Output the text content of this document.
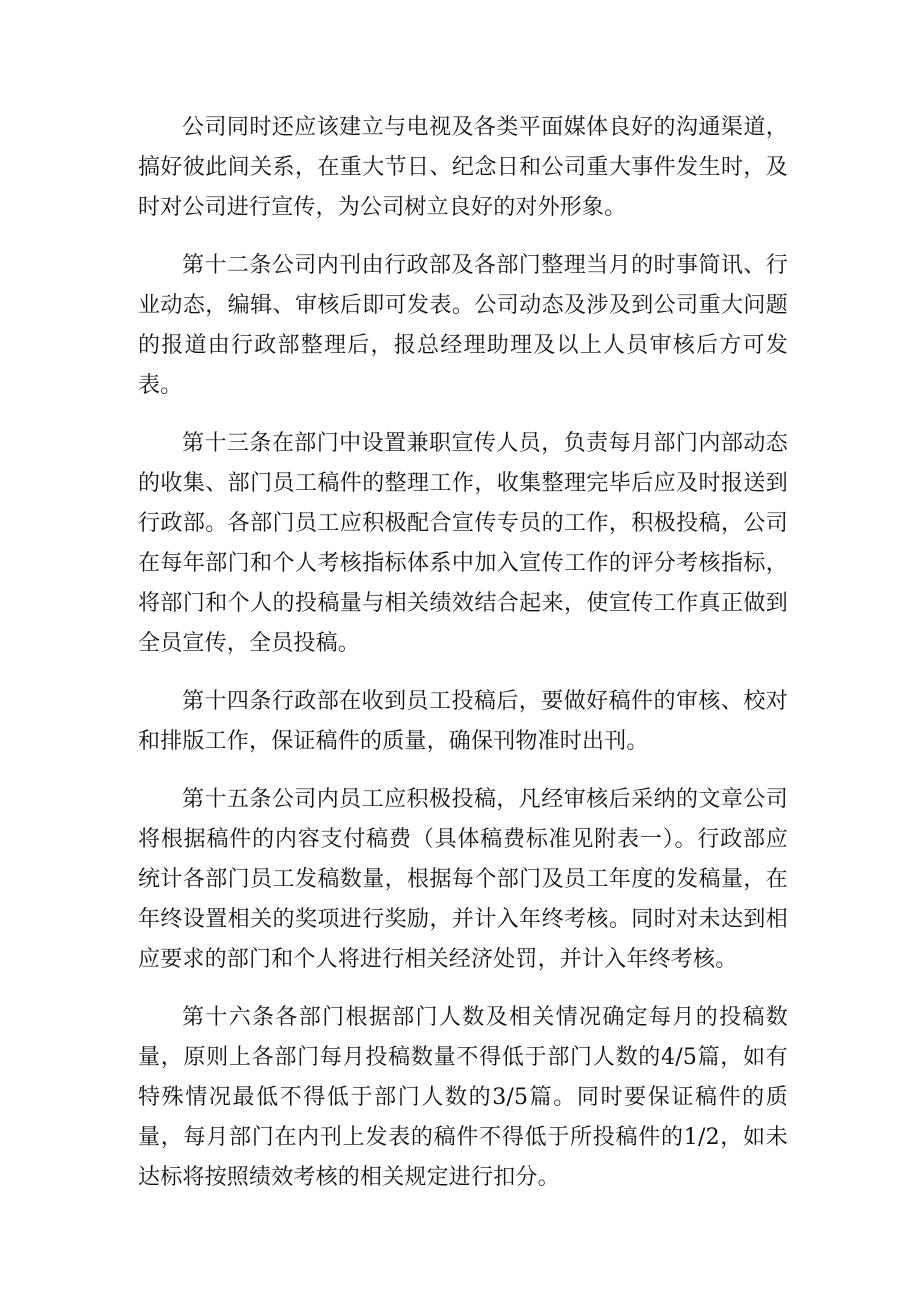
公司同时还应该建立与电视及各类平面媒体良好的沟通渠道，搞好彼此间关系，在重大节日、纪念日和公司重大事件发生时，及时对公司进行宣传，为公司树立良好的对外形象。

第十二条公司内刊由行政部及各部门整理当月的时事简讯、行业动态，编辑、审核后即可发表。公司动态及涉及到公司重大问题的报道由行政部整理后，报总经理助理及以上人员审核后方可发表。

第十三条在部门中设置兼职宣传人员，负责每月部门内部动态的收集、部门员工稿件的整理工作，收集整理完毕后应及时报送到行政部。各部门员工应积极配合宣传专员的工作，积极投稿，公司在每年部门和个人考核指标体系中加入宣传工作的评分考核指标，将部门和个人的投稿量与相关绩效结合起来，使宣传工作真正做到全员宣传，全员投稿。

第十四条行政部在收到员工投稿后，要做好稿件的审核、校对和排版工作，保证稿件的质量，确保刊物准时出刊。

第十五条公司内员工应积极投稿，凡经审核后采纳的文章公司将根据稿件的内容支付稿费（具体稿费标准见附表一）。行政部应统计各部门员工发稿数量，根据每个部门及员工年度的发稿量，在年终设置相关的奖项进行奖励，并计入年终考核。同时对未达到相应要求的部门和个人将进行相关经济处罚，并计入年终考核。

第十六条各部门根据部门人数及相关情况确定每月的投稿数量，原则上各部门每月投稿数量不得低于部门人数的4/5篇，如有特殊情况最低不得低于部门人数的3/5篇。同时要保证稿件的质量，每月部门在内刊上发表的稿件不得低于所投稿件的1/2，如未达标将按照绩效考核的相关规定进行扣分。
